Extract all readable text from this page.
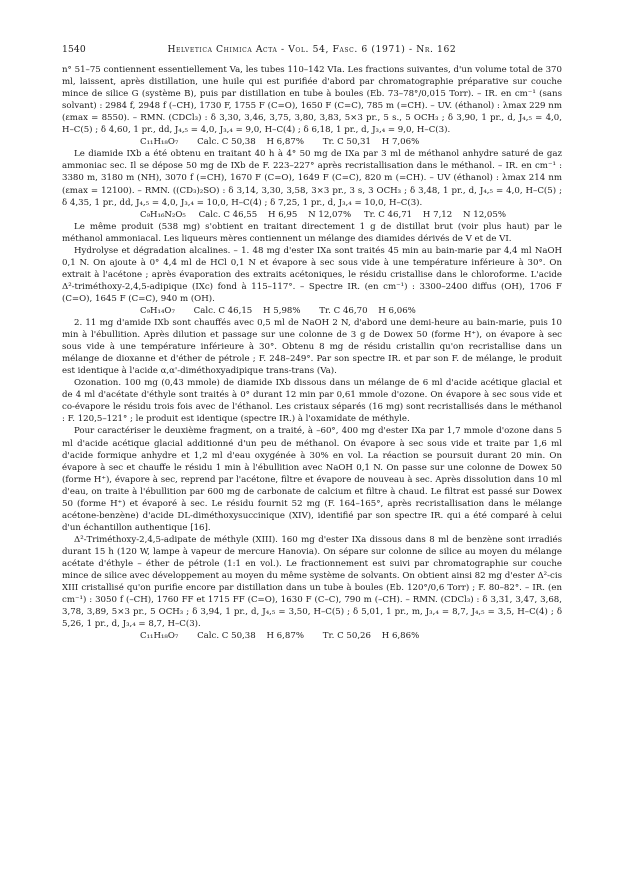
1540	Helvetica Chimica Acta - Vol. 54, Fasc. 6 (1971) - Nr. 162

n° 51–75 contiennent essentiellement Va, les tubes 110–142 VIa. Les fractions suivantes, d'un volume total de 370 ml, laissent, après distillation, une huile qui est purifiée d'abord par chromatographie préparative sur couche mince de silice G (système B), puis par distillation en tube à boules (Eb. 73–78°/0,015 Torr). – IR. en cm⁻¹ (sans solvant) : 2984 f, 2948 f (–CH), 1730 F, 1755 F (C=O), 1650 F (C=C), 785 m (=CH). – UV. (éthanol) : λmax 229 nm (εmax = 8550). – RMN. (CDCl₃) : δ 3,30, 3,46, 3,75, 3,80, 3,83, 5×3 pr., 5 s., 5 OCH₃ ; δ 3,90, 1 pr., d, J₄,₅ = 4,0, H–C(5) ; δ 4,60, 1 pr., dd, J₄,₅ = 4,0, J₃,₄ = 9,0, H–C(4) ; δ 6,18, 1 pr., d, J₃,₄ = 9,0, H–C(3).

C₁₁H₁₈O₇ Calc. C 50,38 H 6,87% Tr. C 50,31 H 7,06%

Le diamide IXb a été obtenu en traitant 40 h à 4° 50 mg de IXa par 3 ml de méthanol anhydre saturé de gaz ammoniac sec. Il se dépose 50 mg de IXb de F. 223–227° après recristallisation dans le méthanol. – IR. en cm⁻¹ : 3380 m, 3180 m (NH), 3070 f (=CH), 1670 F (C=O), 1649 F (C=C), 820 m (=CH). – UV (éthanol) : λmax 214 nm (εmax = 12100). – RMN. ((CD₃)₂SO) : δ 3,14, 3,30, 3,58, 3×3 pr., 3 s, 3 OCH₃ ; δ 3,48, 1 pr., d, J₄,₅ = 4,0, H–C(5) ; δ 4,35, 1 pr., dd, J₄,₅ = 4,0, J₃,₄ = 10,0, H–C(4) ; δ 7,25, 1 pr., d, J₃,₄ = 10,0, H–C(3).

C₉H₁₆N₂O₅ Calc. C 46,55 H 6,95 N 12,07% Tr. C 46,71 H 7,12 N 12,05%

Le même produit (538 mg) s'obtient en traitant directement 1 g de distillat brut (voir plus haut) par le méthanol ammoniacal. Les liqueurs mères contiennent un mélange des diamides dérivés de V et de VI.

Hydrolyse et dégradation alcalines. – 1. 48 mg d'ester IXa sont traités 45 min au bain-marie par 4,4 ml NaOH 0,1 N. On ajoute à 0° 4,4 ml de HCl 0,1 N et évapore à sec sous vide à une température inférieure à 30°. On extrait à l'acétone ; après évaporation des extraits acétoniques, le résidu cristallise dans le chloroforme. L'acide Δ²-triméthoxy-2,4,5-adipique (IXc) fond à 115–117°. – Spectre IR. (en cm⁻¹) : 3300–2400 diffus (OH), 1706 F (C=O), 1645 F (C=C), 940 m (OH).

C₉H₁₄O₇ Calc. C 46,15 H 5,98% Tr. C 46,70 H 6,06%

2. 11 mg d'amide IXb sont chauffés avec 0,5 ml de NaOH 2 N, d'abord une demi-heure au bain-marie, puis 10 min à l'ébullition. Après dilution et passage sur une colonne de 3 g de Dowex 50 (forme H⁺), on évapore à sec sous vide à une température inférieure à 30°. Obtenu 8 mg de résidu cristallin qu'on recristallise dans un mélange de dioxanne et d'éther de pétrole ; F. 248–249°. Par son spectre IR. et par son F. de mélange, le produit est identique à l'acide α,α'-diméthoxyadipique trans-trans (Va).

Ozonation. 100 mg (0,43 mmole) de diamide IXb dissous dans un mélange de 6 ml d'acide acétique glacial et de 4 ml d'acétate d'éthyle sont traités à 0° durant 12 min par 0,61 mmole d'ozone. On évapore à sec sous vide et co-évapore le résidu trois fois avec de l'éthanol. Les cristaux séparés (16 mg) sont recristallisés dans le méthanol : F. 120,5–121° ; le produit est identique (spectre IR.) à l'oxamidate de méthyle.

Pour caractériser le deuxième fragment, on a traité, à –60°, 400 mg d'ester IXa par 1,7 mmole d'ozone dans 5 ml d'acide acétique glacial additionné d'un peu de méthanol. On évapore à sec sous vide et traite par 1,6 ml d'acide formique anhydre et 1,2 ml d'eau oxygénée à 30% en vol. La réaction se poursuit durant 20 min. On évapore à sec et chauffe le résidu 1 min à l'ébullition avec NaOH 0,1 N. On passe sur une colonne de Dowex 50 (forme H⁺), évapore à sec, reprend par l'acétone, filtre et évapore de nouveau à sec. Après dissolution dans 10 ml d'eau, on traite à l'ébullition par 600 mg de carbonate de calcium et filtre à chaud. Le filtrat est passé sur Dowex 50 (forme H⁺) et évaporé à sec. Le résidu fournit 52 mg (F. 164–165°, après recristallisation dans le mélange acétone-benzène) d'acide DL-diméthoxysuccinique (XIV), identifié par son spectre IR. qui a été comparé à celui d'un échantillon authentique [16].

Δ²-Triméthoxy-2,4,5-adipate de méthyle (XIII). 160 mg d'ester IXa dissous dans 8 ml de benzène sont irradiés durant 15 h (120 W, lampe à vapeur de mercure Hanovia). On sépare sur colonne de silice au moyen du mélange acétate d'éthyle – éther de pétrole (1:1 en vol.). Le fractionnement est suivi par chromatographie sur couche mince de silice avec développement au moyen du même système de solvants. On obtient ainsi 82 mg d'ester Δ²-cis XIII cristallisé qu'on purifie encore par distillation dans un tube à boules (Eb. 120°/0,6 Torr) ; F. 80–82°. – IR. (en cm⁻¹) : 3050 f (–CH), 1760 FF et 1715 FF (C=O), 1630 F (C–C), 790 m (–CH). – RMN. (CDCl₃) : δ 3,31, 3,47, 3,68, 3,78, 3,89, 5×3 pr., 5 OCH₃ ; δ 3,94, 1 pr., d, J₄,₅ = 3,50, H–C(5) ; δ 5,01, 1 pr., m, J₃,₄ = 8,7, J₄,₅ = 3,5, H–C(4) ; δ 5,26, 1 pr., d, J₃,₄ = 8,7, H–C(3).

C₁₁H₁₈O₇ Calc. C 50,38 H 6,87% Tr. C 50,26 H 6,86%
